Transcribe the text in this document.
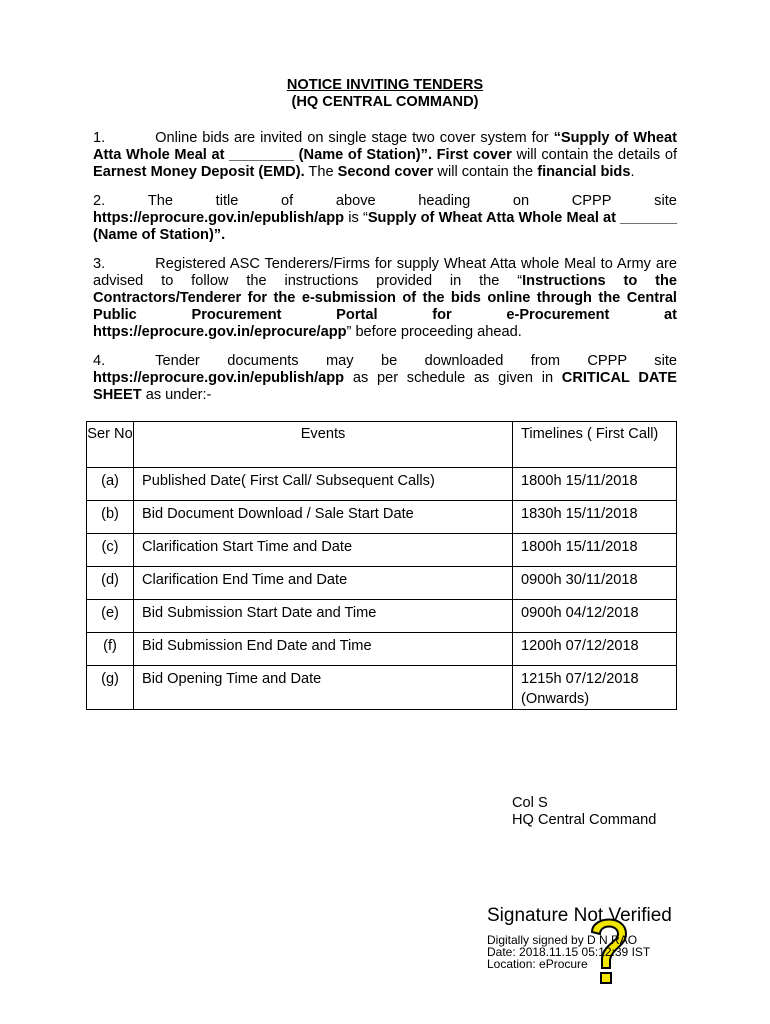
NOTICE INVITING TENDERS
(HQ CENTRAL COMMAND)

1.	Online bids are invited on single stage two cover system for “Supply of Wheat Atta Whole Meal at ________ (Name of Station)”. First cover will contain the details of Earnest Money Deposit (EMD). The Second cover will contain the financial bids.

2.	The	title	of	above	heading	on	CPPP	site
https://eprocure.gov.in/epublish/app is “Supply of Wheat Atta Whole Meal at _______ (Name of Station)”.

3.	Registered ASC Tenderers/Firms for supply Wheat Atta whole Meal to Army are advised to follow the instructions provided in the “Instructions to the Contractors/Tenderer for the e-submission of the bids online through the Central Public Procurement Portal for e-Procurement at https://eprocure.gov.in/eprocure/app” before proceeding ahead.

4.	Tender documents may be downloaded from CPPP site https://eprocure.gov.in/epublish/app as per schedule as given in CRITICAL DATE SHEET as under:-

Ser No	Events	Timelines ( First Call)
(a)	Published Date( First Call/ Subsequent Calls)	1800h 15/11/2018
(b)	Bid Document Download / Sale Start Date	1830h 15/11/2018
(c)	Clarification Start Time and Date	1800h 15/11/2018
(d)	Clarification End Time and Date	0900h 30/11/2018
(e)	Bid Submission Start Date and Time	0900h 04/12/2018
(f)	Bid Submission End Date and Time	1200h 07/12/2018
(g)	Bid Opening Time and Date	1215h 07/12/2018
(Onwards)
Col S
HQ Central Command
Signature Not Verified
Digitally signed by D N RAO
Date: 2018.11.15 05:12:39 IST
Location: eProcure
